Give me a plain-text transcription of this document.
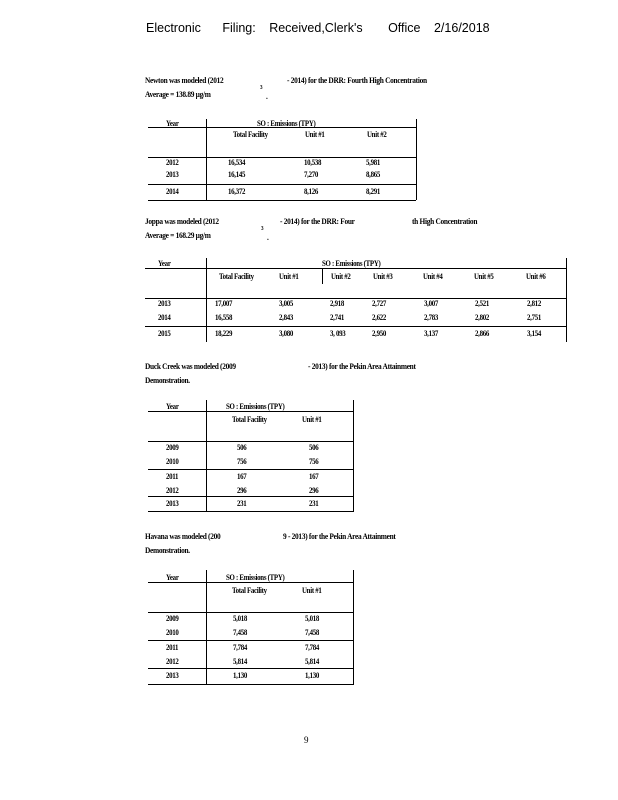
Electronic Filing: Received,Clerk's Office 2/16/2018
Newton was modeled (2012	- 2014) for the DRR: Fourth High Concentration
Average = 138.89 µg/m
3
.
Year	SO : Emissions (TPY)
Total Facility	Unit #1	Unit #2
2012	16,534	10,538	5,981
2013	16,145	7,270	8,865
2014	16,372	8,126	8,291
Joppa was modeled (2012	- 2014) for the DRR: Four	th High Concentration
Average = 168.29 µg/m
3
.
Year	SO : Emissions (TPY)
Total Facility	Unit #1	Unit #2	Unit #3	Unit #4	Unit #5	Unit #6
2013	17,007	3,005	2,918	2,727	3,007	2,521	2,812
2014	16,558	2,843	2,741	2,622	2,783	2,802	2,751
2015	18,229	3,080	3, 093	2,950	3,137	2,866	3,154
Duck Creek was modeled (2009	- 2013) for the Pekin Area Attainment
Demonstration.
Year	SO : Emissions (TPY)
Total Facility	Unit #1
2009	506	506
2010	756	756
2011	167	167
2012	296	296
2013	231	231
Havana was modeled (200	9 - 2013) for the Pekin Area Attainment
Demonstration.
Year	SO : Emissions (TPY)
Total Facility	Unit #1
2009	5,018	5,018
2010	7,458	7,458
2011	7,784	7,784
2012	5,814	5,814
2013	1,130	1,130
9
